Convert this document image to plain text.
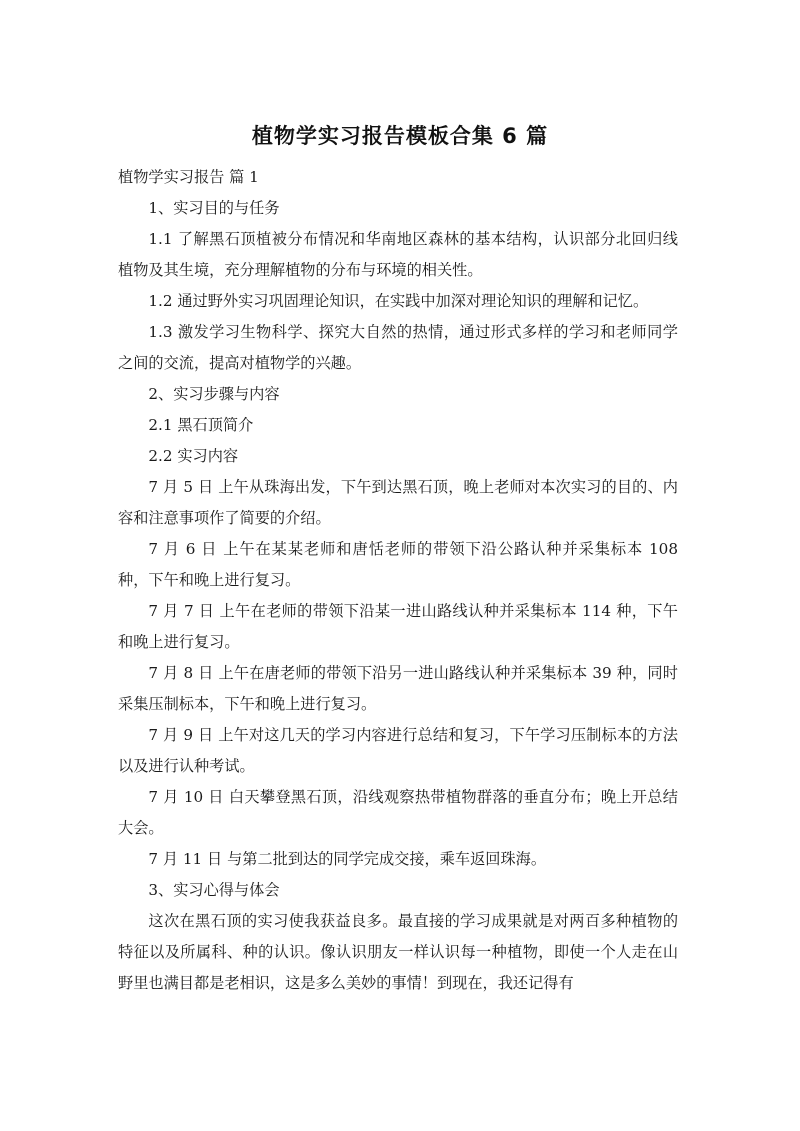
植物学实习报告模板合集 6 篇

植物学实习报告 篇 1

1、实习目的与任务

1.1 了解黑石顶植被分布情况和华南地区森林的基本结构，认识部分北回归线植物及其生境，充分理解植物的分布与环境的相关性。

1.2 通过野外实习巩固理论知识，在实践中加深对理论知识的理解和记忆。

1.3 激发学习生物科学、探究大自然的热情，通过形式多样的学习和老师同学之间的交流，提高对植物学的兴趣。

2、实习步骤与内容

2.1 黑石顶简介

2.2 实习内容

7 月 5 日 上午从珠海出发，下午到达黑石顶，晚上老师对本次实习的目的、内容和注意事项作了简要的介绍。

7 月 6 日 上午在某某老师和唐恬老师的带领下沿公路认种并采集标本 108 种，下午和晚上进行复习。

7 月 7 日 上午在老师的带领下沿某一进山路线认种并采集标本 114 种，下午和晚上进行复习。

7 月 8 日 上午在唐老师的带领下沿另一进山路线认种并采集标本 39 种，同时采集压制标本，下午和晚上进行复习。

7 月 9 日 上午对这几天的学习内容进行总结和复习，下午学习压制标本的方法以及进行认种考试。

7 月 10 日 白天攀登黑石顶，沿线观察热带植物群落的垂直分布；晚上开总结大会。

7 月 11 日 与第二批到达的同学完成交接，乘车返回珠海。

3、实习心得与体会

这次在黑石顶的实习使我获益良多。最直接的学习成果就是对两百多种植物的特征以及所属科、种的认识。像认识朋友一样认识每一种植物，即使一个人走在山野里也满目都是老相识，这是多么美妙的事情！到现在，我还记得有
